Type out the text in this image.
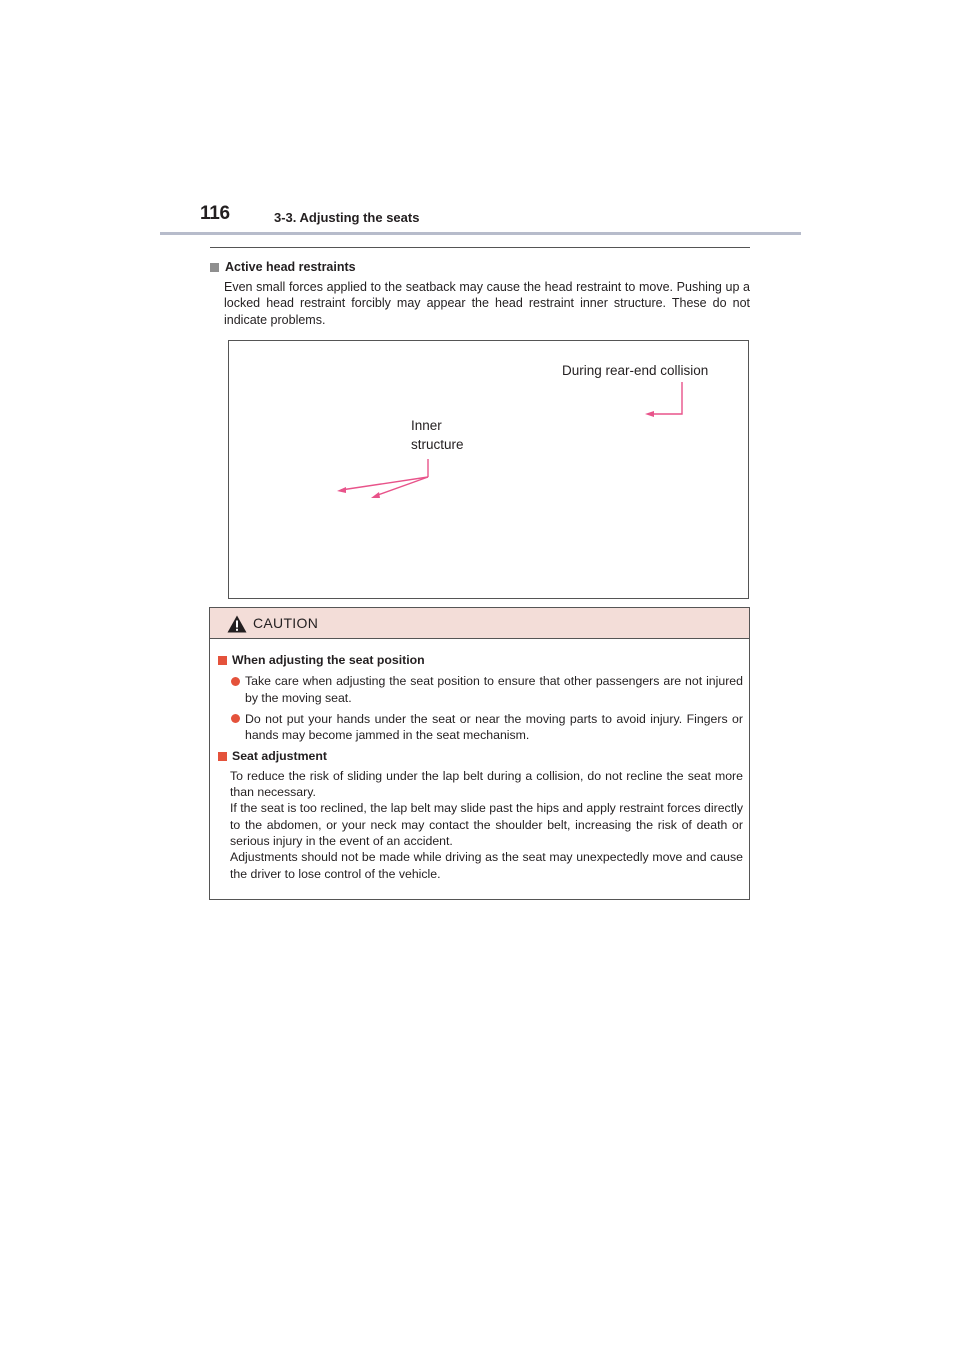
116	3-3. Adjusting the seats
Active head restraints
Even small forces applied to the seatback may cause the head restraint to move. Pushing up a locked head restraint forcibly may appear the head restraint inner structure. These do not indicate problems.
During rear-end collision
Inner
structure
CAUTION
When adjusting the seat position
Take care when adjusting the seat position to ensure that other passengers are not injured by the moving seat.
Do not put your hands under the seat or near the moving parts to avoid injury. Fingers or hands may become jammed in the seat mechanism.
Seat adjustment
To reduce the risk of sliding under the lap belt during a collision, do not recline the seat more than necessary.
If the seat is too reclined, the lap belt may slide past the hips and apply restraint forces directly to the abdomen, or your neck may contact the shoulder belt, increasing the risk of death or serious injury in the event of an accident.
Adjustments should not be made while driving as the seat may unexpectedly move and cause the driver to lose control of the vehicle.
